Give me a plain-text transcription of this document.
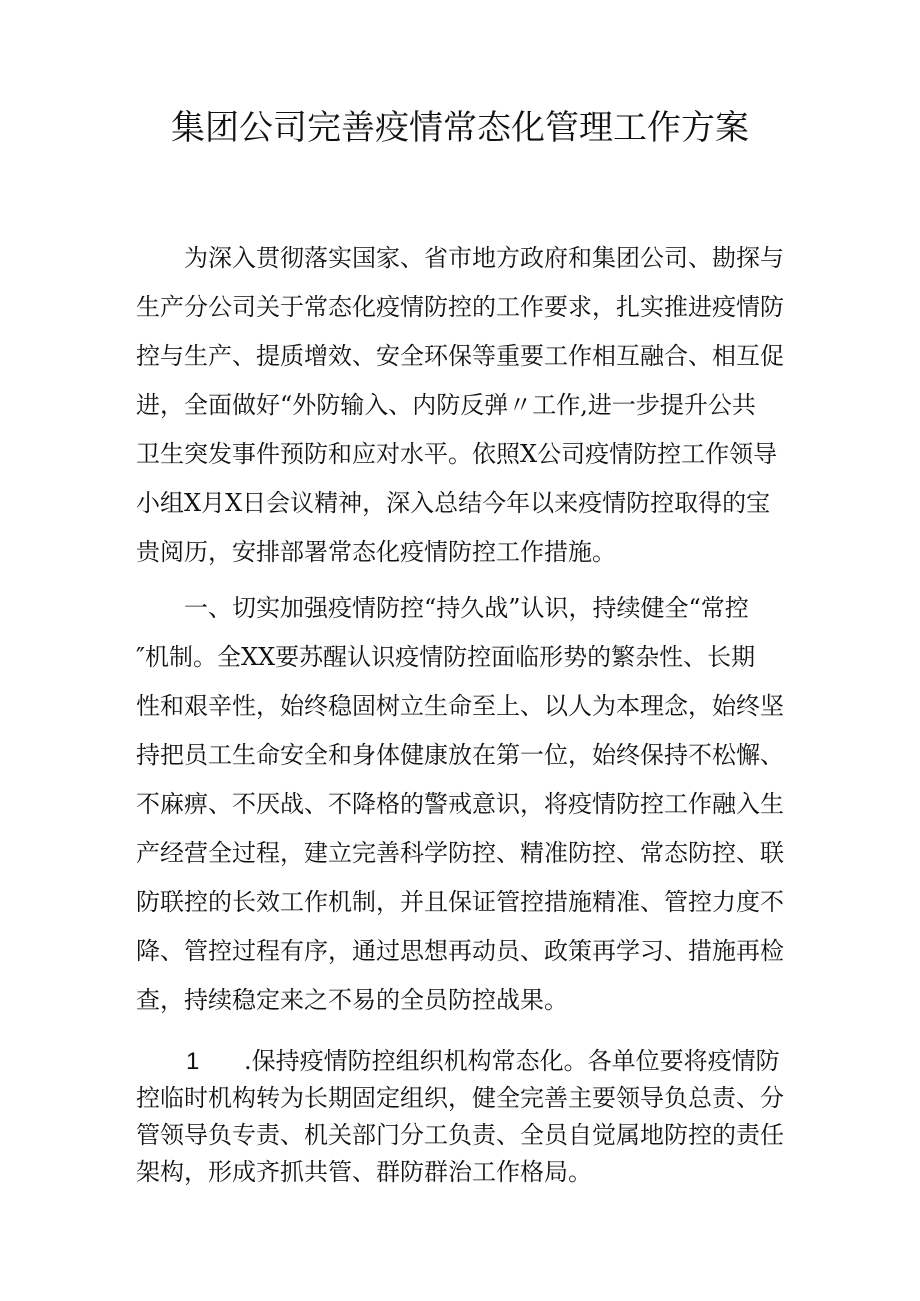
集团公司完善疫情常态化管理工作方案
为深入贯彻落实国家、省市地方政府和集团公司、勘探与
生产分公司关于常态化疫情防控的工作要求，扎实推进疫情防
控与生产、提质增效、安全环保等重要工作相互融合、相互促
进，全面做好“外防输入、内防反弹〃工作,进一步提升公共
卫生突发事件预防和应对水平。依照X公司疫情防控工作领导
小组X月X日会议精神，深入总结今年以来疫情防控取得的宝
贵阅历，安排部署常态化疫情防控工作措施。
一、切实加强疫情防控“持久战”认识，持续健全“常控
″机制。全XX要苏醒认识疫情防控面临形势的繁杂性、长期
性和艰辛性，始终稳固树立生命至上、以人为本理念，始终坚
持把员工生命安全和身体健康放在第一位，始终保持不松懈、
不麻痹、不厌战、不降格的警戒意识，将疫情防控工作融入生
产经营全过程，建立完善科学防控、精准防控、常态防控、联
防联控的长效工作机制，并且保证管控措施精准、管控力度不
降、管控过程有序，通过思想再动员、政策再学习、措施再检
查，持续稳定来之不易的全员防控战果。
1 .保持疫情防控组织机构常态化。各单位要将疫情防
控临时机构转为长期固定组织，健全完善主要领导负总责、分
管领导负专责、机关部门分工负责、全员自觉属地防控的责任
架构，形成齐抓共管、群防群治工作格局。
